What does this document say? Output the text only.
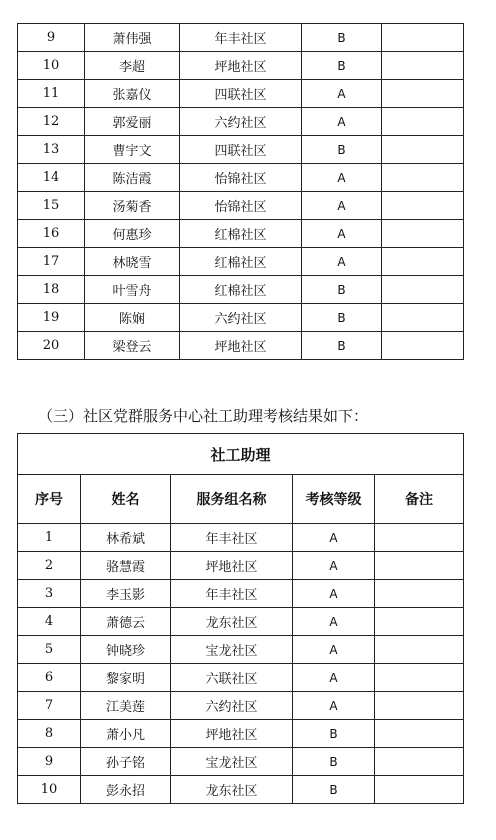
9	萧伟强	年丰社区	B	
10	李超	坪地社区	B	
11	张嘉仪	四联社区	A	
12	郭爱丽	六约社区	A	
13	曹宇文	四联社区	B	
14	陈洁霞	怡锦社区	A	
15	汤菊香	怡锦社区	A	
16	何惠珍	红棉社区	A	
17	林晓雪	红棉社区	A	
18	叶雪舟	红棉社区	B	
19	陈娴	六约社区	B	
20	梁登云	坪地社区	B	
（三）社区党群服务中心社工助理考核结果如下：
社工助理				
序号	姓名	服务组名称	考核等级	备注
1	林希斌	年丰社区	A	
2	骆慧霞	坪地社区	A	
3	李玉影	年丰社区	A	
4	萧德云	龙东社区	A	
5	钟晓珍	宝龙社区	A	
6	黎家明	六联社区	A	
7	江美莲	六约社区	A	
8	萧小凡	坪地社区	B	
9	孙子铭	宝龙社区	B	
10	彭永招	龙东社区	B	
